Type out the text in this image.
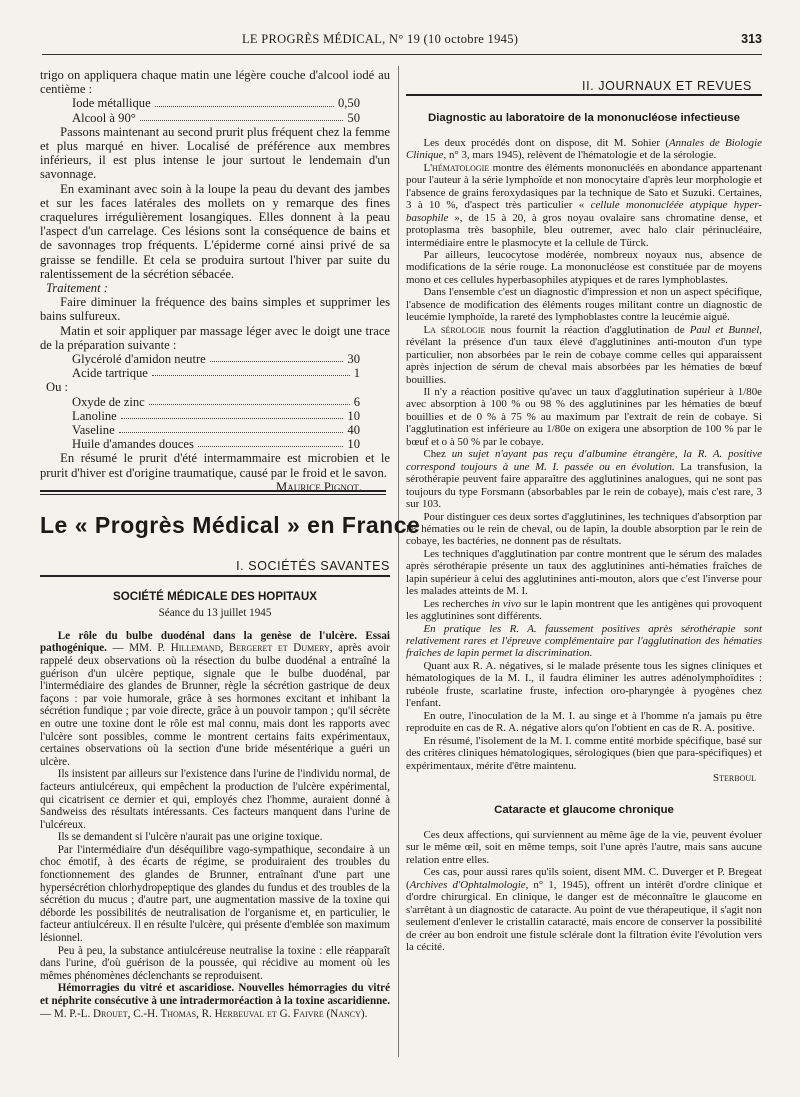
LE PROGRÈS MÉDICAL, N° 19 (10 octobre 1945)	313

trigo on appliquera chaque matin une légère couche d'alcool iodé au centième :

Iode métallique	0,50
Alcool à 90°	50

Passons maintenant au second prurit plus fréquent chez la femme et plus marqué en hiver. Localisé de préférence aux membres inférieurs, il est plus intense le jour surtout le lendemain d'un savonnage.

En examinant avec soin à la loupe la peau du devant des jambes et sur les faces latérales des mollets on y remarque des fines craquelures irrégulièrement losangiques. Elles donnent à la peau l'aspect d'un carrelage. Ces lésions sont la conséquence de bains et de savonnages trop fréquents. L'épiderme corné ainsi privé de sa graisse se fendille. Et cela se produira surtout l'hiver par suite du ralentissement de la sécrétion sébacée.

Traitement :

Faire diminuer la fréquence des bains simples et supprimer les bains sulfureux.

Matin et soir appliquer par massage léger avec le doigt une trace de la préparation suivante :

Glycérolé d'amidon neutre	30
Acide tartrique	1
Ou :
Oxyde de zinc	6
Lanoline	10
Vaseline	40
Huile d'amandes douces	10

En résumé le prurit d'été intermammaire est microbien et le prurit d'hiver est d'origine traumatique, causé par le froid et le savon.

Maurice Pignot.
Le « Progrès Médical » en France
I. SOCIÉTÉS SAVANTES
SOCIÉTÉ MÉDICALE DES HOPITAUX
Séance du 13 juillet 1945

Le rôle du bulbe duodénal dans la genèse de l'ulcère. Essai pathogénique. — MM. P. Hillemand, Bergeret et Dumery, après avoir rappelé deux observations où la résection du bulbe duodénal a entraîné la guérison d'un ulcère peptique, signale que le bulbe duodénal, par l'intermédiaire des glandes de Brunner, règle la sécrétion gastrique de deux façons : par voie humorale, grâce à ses hormones excitant et inhibant la sécrétion fundique ; par voie directe, grâce à un pouvoir tampon ; qu'il sécrète en outre une toxine dont le rôle est mal connu, mais dont les rapports avec l'ulcère sont possibles, comme le montrent certains faits expérimentaux, certaines observations où la section d'une bride mésentérique a guéri un ulcère.

Ils insistent par ailleurs sur l'existence dans l'urine de l'individu normal, de facteurs antiulcéreux, qui empêchent la production de l'ulcère expérimental, qui cicatrisent ce dernier et qui, employés chez l'homme, auraient donné à Sandweiss des résultats intéressants. Ces facteurs manquent dans l'urine de l'ulcéreux.

Ils se demandent si l'ulcère n'aurait pas une origine toxique.

Par l'intermédiaire d'un déséquilibre vago-sympathique, secondaire à un choc émotif, à des écarts de régime, se produiraient des troubles du fonctionnement des glandes de Brunner, entraînant d'une part une hypersécrétion chlorhydropeptique des glandes du fundus et des troubles de la sécrétion du mucus ; d'autre part, une augmentation massive de la toxine qui déborde les possibilités de neutralisation de l'organisme et, en particulier, le facteur antiulcéreux. Il en résulte l'ulcère, qui présente d'emblée son maximum lésionnel.

Peu à peu, la substance antiulcéreuse neutralise la toxine : elle réapparaît dans l'urine, d'où guérison de la poussée, qui récidive au moment où les mêmes phénomènes déclenchants se reproduisent.

Hémorragies du vitré et ascaridiose. Nouvelles hémorragies du vitré et néphrite consécutive à une intradermoréaction à la toxine ascaridienne. — M. P.-L. Drouet, C.-H. Thomas, R. Herbeuval et G. Faivre (Nancy).

II. JOURNAUX ET REVUES
Diagnostic au laboratoire de la mononucléose infectieuse

Les deux procédés dont on dispose, dit M. Sohier (Annales de Biologie Clinique, n° 3, mars 1945), relèvent de l'hématologie et de la sérologie.

L'hématologie montre des éléments mononucléés en abondance appartenant pour l'auteur à la série lymphoïde et non monocytaire d'après leur morphologie et l'absence de grains feroxydasiques par la technique de Sato et Suzuki. Certaines, 3 à 10 %, d'aspect très particulier « cellule mononucléée atypique hyper-basophile », de 15 à 20, à gros noyau ovalaire sans chromatine dense, et protoplasma très basophile, bleu outremer, avec halo clair périnucléaire, intermédiaire entre le plasmocyte et la cellule de Türck.

Par ailleurs, leucocytose modérée, nombreux noyaux nus, absence de modifications de la série rouge. La mononucléose est constituée par de moyens mono et ces cellules hyperbasophiles atypiques et de rares lymphoblastes.

Dans l'ensemble c'est un diagnostic d'impression et non un aspect spécifique, l'absence de modification des éléments rouges militant contre un diagnostic de leucémie lymphoïde, la rareté des lymphoblastes contre la leucémie aiguë.

La sérologie nous fournit la réaction d'agglutination de Paul et Bunnel, révélant la présence d'un taux élevé d'agglutinines anti-mouton d'un type particulier, non absorbées par le rein de cobaye comme celles qui apparaissent après injection de sérum de cheval mais absorbées par les hématies de bœuf bouillies.

Il n'y a réaction positive qu'avec un taux d'agglutination supérieur à 1/80e avec absorption à 100 % ou 98 % des agglutinines par les hématies de bœuf bouillies et de 0 % à 75 % au maximum par l'extrait de rein de cobaye. Si l'agglutination est inférieure au 1/80e on exigera une absorption de 100 % par le bœuf et o à 50 % par le cobaye.

Chez un sujet n'ayant pas reçu d'albumine étrangère, la R. A. positive correspond toujours à une M. I. passée ou en évolution. La transfusion, la sérothérapie peuvent faire apparaître des agglutinines analogues, qui ne sont pas toujours du type Forsmann (absorbables par le rein de cobaye), mais c'est rare, 3 sur 103.

Pour distinguer ces deux sortes d'agglutinines, les techniques d'absorption par les hématies ou le rein de cheval, ou de lapin, la double absorption par le rein de cobaye, les bactéries, ne donnent pas de résultats.

Les techniques d'agglutination par contre montrent que le sérum des malades après sérothérapie présente un taux des agglutinines anti-hématies fraîches de lapin supérieur à celui des agglutinines anti-mouton, alors que c'est l'inverse pour les malades atteints de M. I.

Les recherches in vivo sur le lapin montrent que les antigènes qui provoquent les agglutinines sont différents.

En pratique les R. A. faussement positives après sérothérapie sont relativement rares et l'épreuve complémentaire par l'agglutination des hématies fraîches de lapin permet la discrimination.

Quant aux R. A. négatives, si le malade présente tous les signes cliniques et hématologiques de la M. I., il faudra éliminer les autres adénolymphoïdites : rubéole fruste, scarlatine fruste, infection oro-pharyngée à pyogènes chez l'enfant.

En outre, l'inoculation de la M. I. au singe et à l'homme n'a jamais pu être reproduite en cas de R. A. négative alors qu'on l'obtient en cas de R. A. positive.

En résumé, l'isolement de la M. I. comme entité morbide spécifique, basé sur des critères cliniques hématologiques, sérologiques (bien que para-spécifiques) et expérimentaux, mérite d'être maintenu.

Sterboul
Cataracte et glaucome chronique

Ces deux affections, qui surviennent au même âge de la vie, peuvent évoluer sur le même œil, soit en même temps, soit l'une après l'autre, mais sans aucune relation entre elles.

Ces cas, pour aussi rares qu'ils soient, disent MM. C. Duverger et P. Bregeat (Archives d'Ophtalmologie, n° 1, 1945), offrent un intérêt d'ordre clinique et d'ordre chirurgical. En clinique, le danger est de méconnaître le glaucome en s'arrêtant à un diagnostic de cataracte. Au point de vue thérapeutique, il s'agit non seulement d'enlever le cristallin cataracté, mais encore de conserver la possibilité de créer au bon endroit une fistule sclérale dont la filtration évite l'évolution vers la cécité.
